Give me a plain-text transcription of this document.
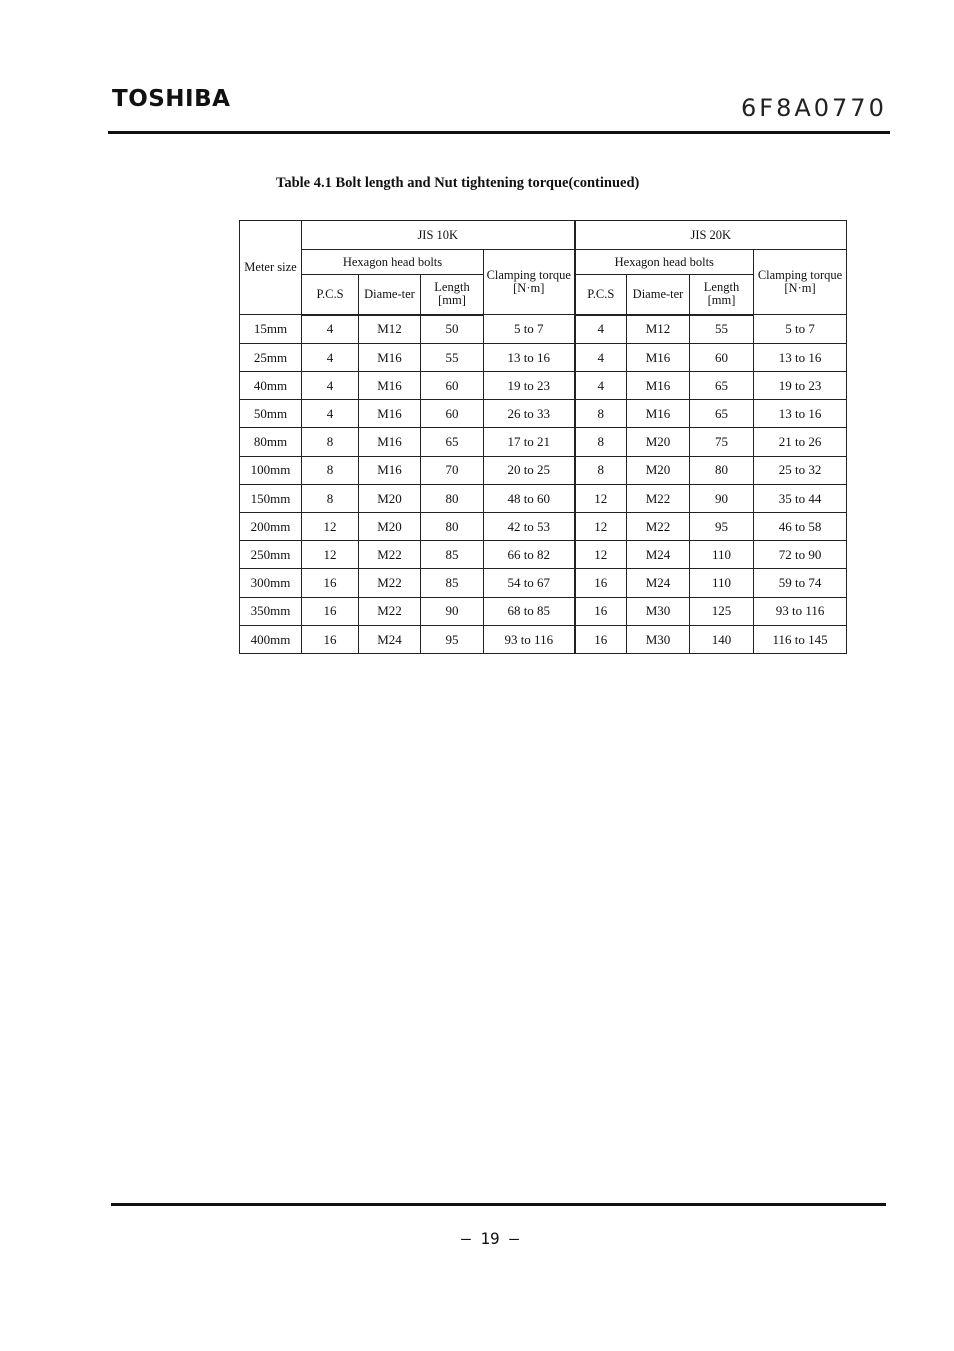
TOSHIBA	6F8A0770
Table 4.1 Bolt length and Nut tightening torque(continued)
Meter size	JIS 10K				JIS 20K			
	Hexagon head bolts			Clamping torque [N·m]	Hexagon head bolts			Clamping torque [N·m]
	P.C.S	Diame-ter	Length [mm]		P.C.S	Diame-ter	Length [mm]	
15mm	4	M12	50	5 to 7	4	M12	55	5 to 7
25mm	4	M16	55	13 to 16	4	M16	60	13 to 16
40mm	4	M16	60	19 to 23	4	M16	65	19 to 23
50mm	4	M16	60	26 to 33	8	M16	65	13 to 16
80mm	8	M16	65	17 to 21	8	M20	75	21 to 26
100mm	8	M16	70	20 to 25	8	M20	80	25 to 32
150mm	8	M20	80	48 to 60	12	M22	90	35 to 44
200mm	12	M20	80	42 to 53	12	M22	95	46 to 58
250mm	12	M22	85	66 to 82	12	M24	110	72 to 90
300mm	16	M22	85	54 to 67	16	M24	110	59 to 74
350mm	16	M22	90	68 to 85	16	M30	125	93 to 116
400mm	16	M24	95	93 to 116	16	M30	140	116 to 145
– 19 –
